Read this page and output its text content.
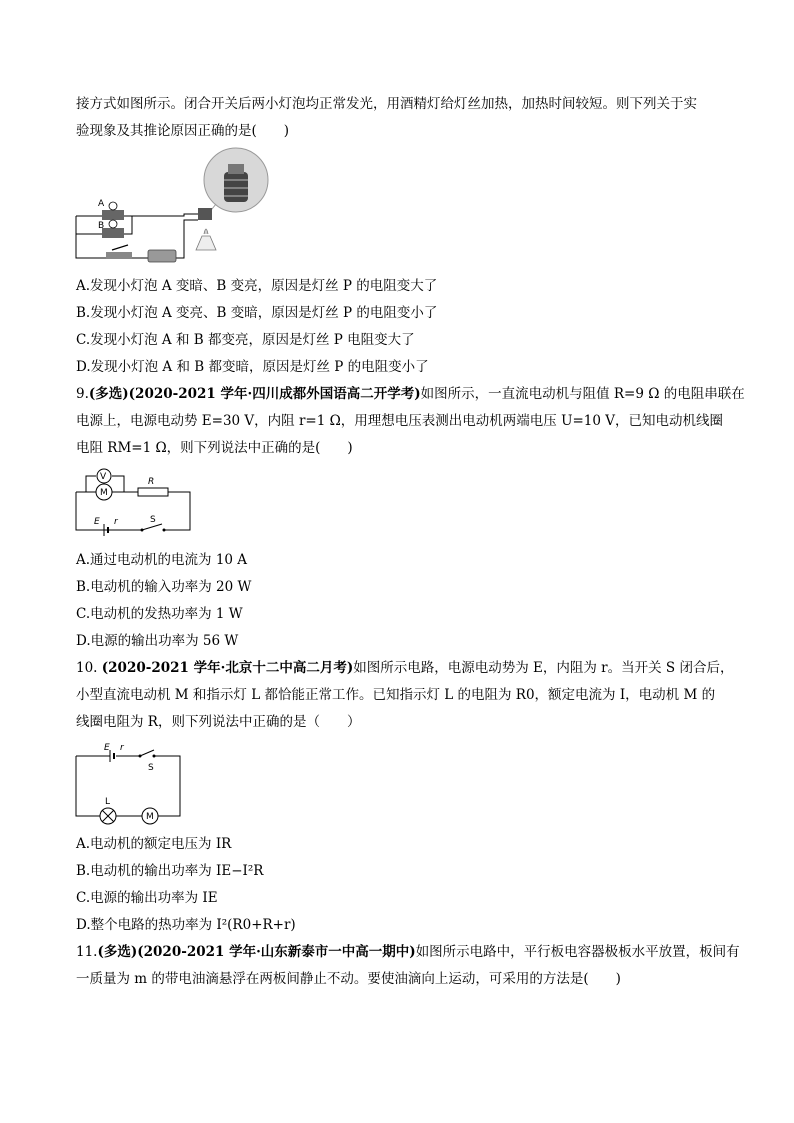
接方式如图所示。闭合开关后两小灯泡均正常发光，用酒精灯给灯丝加热，加热时间较短。则下列关于实
验现象及其推论原因正确的是(　　)
A
B
A.发现小灯泡 A 变暗、B 变亮，原因是灯丝 P 的电阻变大了
B.发现小灯泡 A 变亮、B 变暗，原因是灯丝 P 的电阻变小了
C.发现小灯泡 A 和 B 都变亮，原因是灯丝 P 电阻变大了
D.发现小灯泡 A 和 B 都变暗，原因是灯丝 P 的电阻变小了
9.(多选)(2020-2021 学年·四川成都外国语高二开学考)如图所示，一直流电动机与阻值 R=9 Ω 的电阻串联在
电源上，电源电动势 E=30 V，内阻 r=1 Ω，用理想电压表测出电动机两端电压 U=10 V，已知电动机线圈
电阻 RM=1 Ω，则下列说法中正确的是(　　)
M
V	R
E r	S
A.通过电动机的电流为 10 A
B.电动机的输入功率为 20 W
C.电动机的发热功率为 1 W
D.电源的输出功率为 56 W
10. (2020-2021 学年·北京十二中高二月考)如图所示电路，电源电动势为 E，内阻为 r。当开关 S 闭合后，
小型直流电动机 M 和指示灯 L 都恰能正常工作。已知指示灯 L 的电阻为 R0，额定电流为 I，电动机 M 的
线圈电阻为 R，则下列说法中正确的是（　　）
E r
S
L
M
A.电动机的额定电压为 IR
B.电动机的输出功率为 IE−I²R
C.电源的输出功率为 IE
D.整个电路的热功率为 I²(R0+R+r)
11.(多选)(2020-2021 学年·山东新泰市一中高一期中)如图所示电路中，平行板电容器极板水平放置，板间有
一质量为 m 的带电油滴悬浮在两板间静止不动。要使油滴向上运动，可采用的方法是(　　)
